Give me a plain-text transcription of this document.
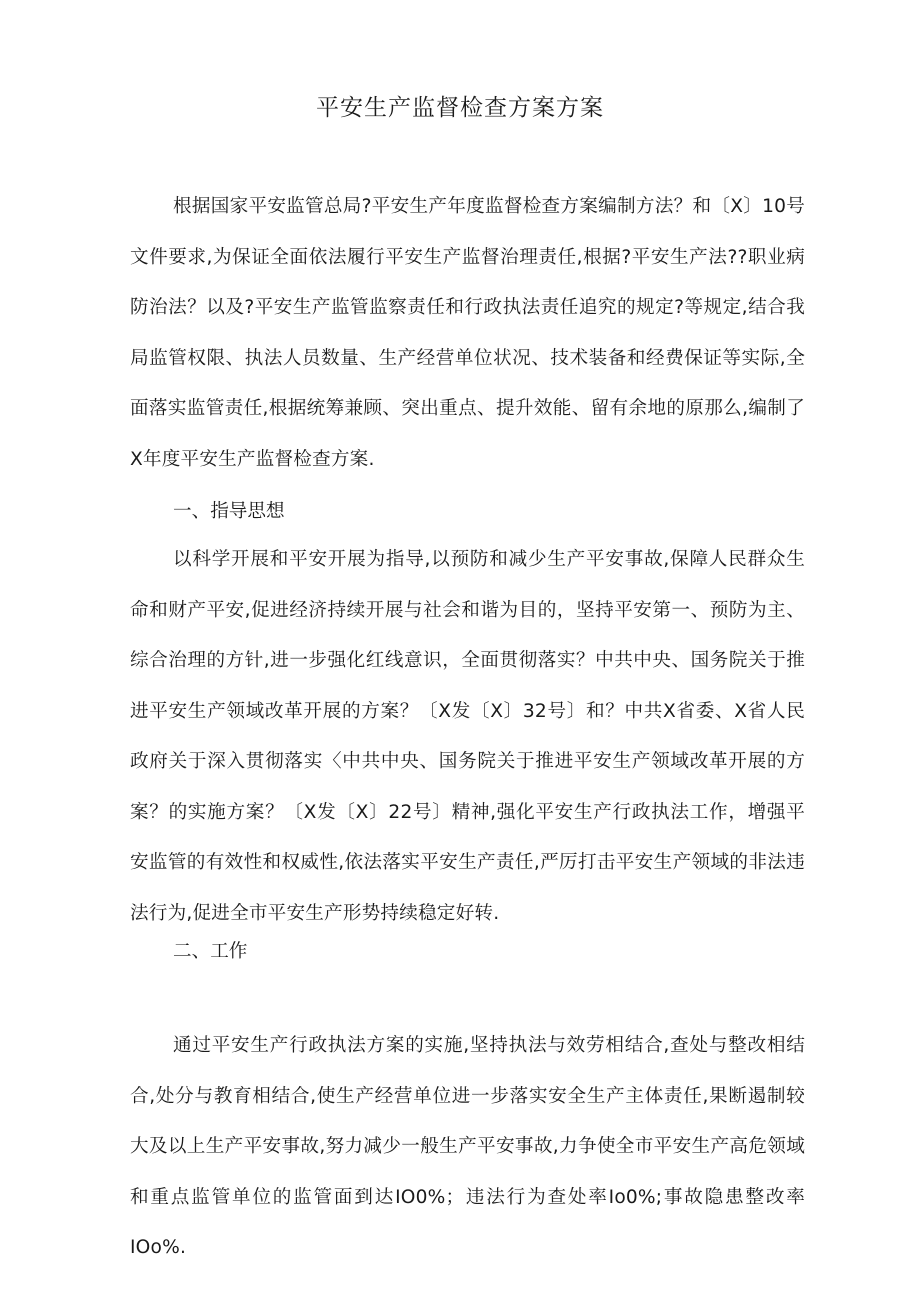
平安生产监督检查方案方案

根据国家平安监管总局?平安生产年度监督检查方案编制方法？和〔X〕10号文件要求,为保证全面依法履行平安生产监督治理责任,根据?平安生产法??职业病防治法？以及?平安生产监管监察责任和行政执法责任追究的规定?等规定,结合我局监管权限、执法人员数量、生产经营单位状况、技术装备和经费保证等实际,全面落实监管责任,根据统筹兼顾、突出重点、提升效能、留有余地的原那么,编制了X年度平安生产监督检查方案.

一、指导思想

以科学开展和平安开展为指导,以预防和减少生产平安事故,保障人民群众生命和财产平安,促进经济持续开展与社会和谐为目的，坚持平安第一、预防为主、综合治理的方针,进一步强化红线意识，全面贯彻落实？中共中央、国务院关于推进平安生产领域改革开展的方案？〔X发〔X〕32号〕和？中共X省委、X省人民政府关于深入贯彻落实〈中共中央、国务院关于推进平安生产领域改革开展的方案？的实施方案？〔X发〔X〕22号〕精神,强化平安生产行政执法工作，增强平安监管的有效性和权威性,依法落实平安生产责任,严厉打击平安生产领域的非法违法行为,促进全市平安生产形势持续稳定好转.

二、工作

通过平安生产行政执法方案的实施,坚持执法与效劳相结合,查处与整改相结合,处分与教育相结合,使生产经营单位进一步落实安全生产主体责任,果断遏制较大及以上生产平安事故,努力减少一般生产平安事故,力争使全市平安生产高危领域和重点监管单位的监管面到达IO0%；违法行为查处率Io0%;事故隐患整改率IOo%.
